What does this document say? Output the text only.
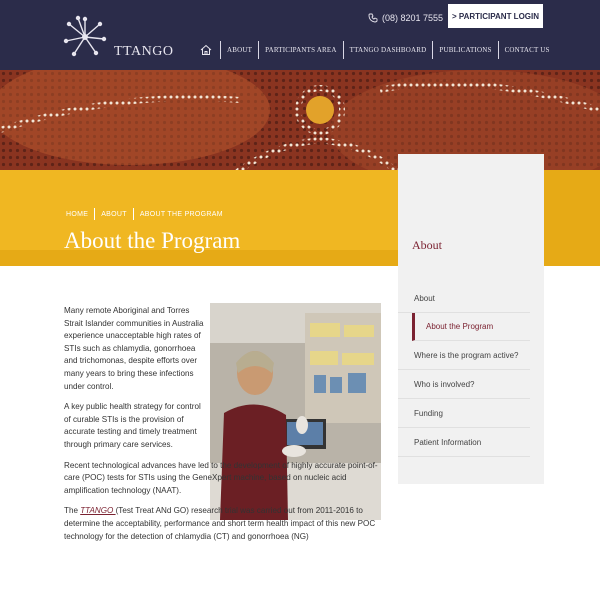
TTANGO
(08) 8201 7555	> PARTICIPANT LOGIN
ABOUT	PARTICIPANTS AREA	TTANGO DASHBOARD	PUBLICATIONS	CONTACT US
HOME ABOUT ABOUT THE PROGRAM
About the Program	About
About
About the Program
Where is the program active?
Who is involved?
Funding
Patient Information

Many remote Aboriginal and Torres Strait Islander communities in Australia experience unacceptable high rates of STIs such as chlamydia, gonorrhoea and trichomonas, despite efforts over many years to bring these infections under control.

A key public health strategy for control of curable STIs is the provision of accurate testing and timely treatment through primary care services.

Recent technological advances have led to the development of highly accurate point-of-care (POC) tests for STIs using the GeneXpert machine, based on nucleic acid amplification technology (NAAT).

The TTANGO (Test Treat ANd GO) research trial was carried out from 2011-2016 to determine the acceptability, performance and short term health impact of this new POC technology for the detection of chlamydia (CT) and gonorrhoea (NG)
